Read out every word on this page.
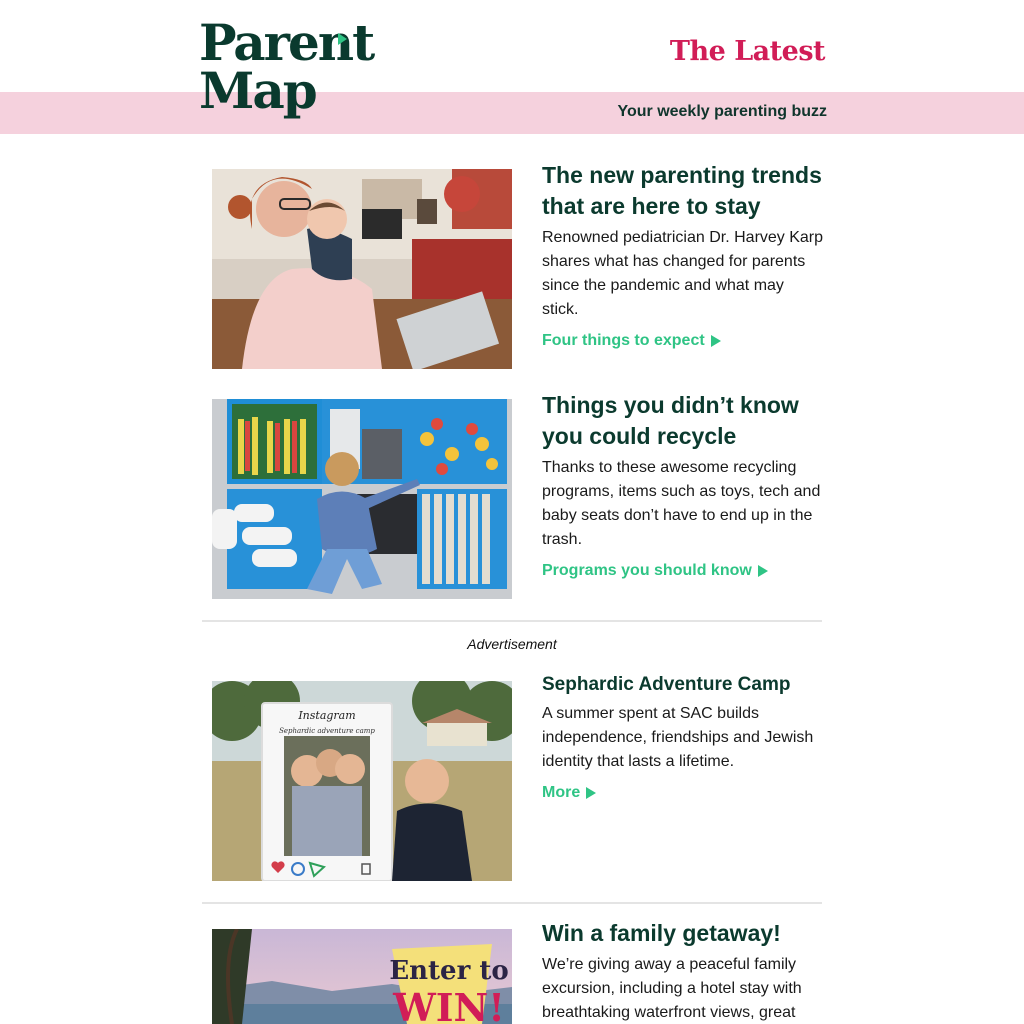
Parent
Map
The Latest
Your weekly parenting buzz
The new parenting trends that are here to stay
Renowned pediatrician Dr. Harvey Karp shares what has changed for parents since the pandemic and what may stick.
Four things to expect
Things you didn’t know you could recycle
Thanks to these awesome recycling programs, items such as toys, tech and baby seats don’t have to end up in the trash.
Programs you should know
Advertisement
Instagram
Sephardic adventure camp
Sephardic Adventure Camp
A summer spent at SAC builds independence, friendships and Jewish identity that lasts a lifetime.
More
Enter to
WIN!
Win a family getaway!
We’re giving away a peaceful family excursion, including a hotel stay with breathtaking waterfront views, great
